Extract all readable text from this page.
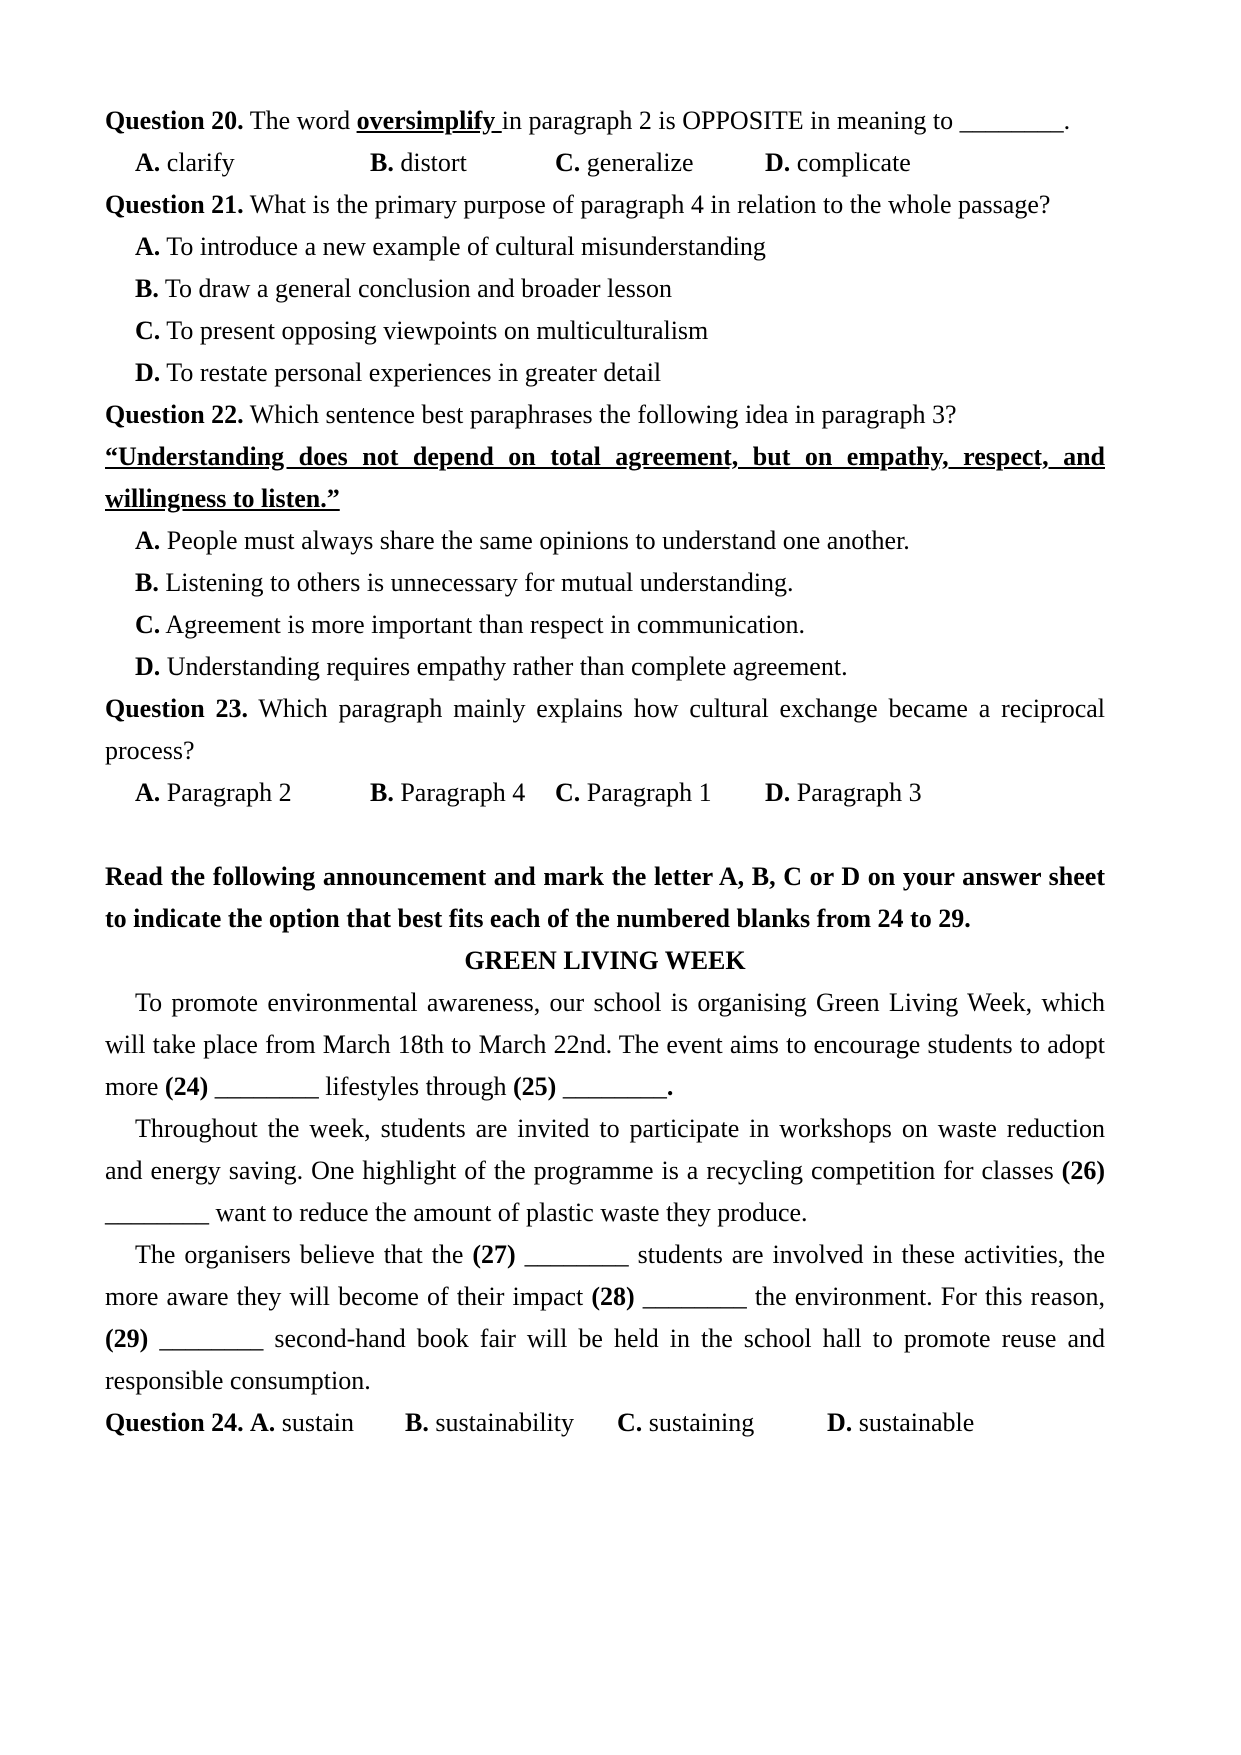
Question 20. The word oversimplify in paragraph 2 is OPPOSITE in meaning to ________.

A. clarify	B. distort	C. generalize	D. complicate

Question 21. What is the primary purpose of paragraph 4 in relation to the whole passage?

A. To introduce a new example of cultural misunderstanding

B. To draw a general conclusion and broader lesson

C. To present opposing viewpoints on multiculturalism

D. To restate personal experiences in greater detail

Question 22. Which sentence best paraphrases the following idea in paragraph 3?

“Understanding does not depend on total agreement, but on empathy, respect, and willingness to listen.”

A. People must always share the same opinions to understand one another.

B. Listening to others is unnecessary for mutual understanding.

C. Agreement is more important than respect in communication.

D. Understanding requires empathy rather than complete agreement.

Question 23. Which paragraph mainly explains how cultural exchange became a reciprocal process?

A. Paragraph 2	B. Paragraph 4	C. Paragraph 1	D. Paragraph 3

Read the following announcement and mark the letter A, B, C or D on your answer sheet to indicate the option that best fits each of the numbered blanks from 24 to 29.

GREEN LIVING WEEK

To promote environmental awareness, our school is organising Green Living Week, which will take place from March 18th to March 22nd. The event aims to encourage students to adopt more (24) ________ lifestyles through (25) ________.

Throughout the week, students are invited to participate in workshops on waste reduction and energy saving. One highlight of the programme is a recycling competition for classes (26) ________ want to reduce the amount of plastic waste they produce.

The organisers believe that the (27) ________ students are involved in these activities, the more aware they will become of their impact (28) ________ the environment. For this reason, (29) ________ second-hand book fair will be held in the school hall to promote reuse and responsible consumption.

Question 24. A. sustain	B. sustainability	C. sustaining	D. sustainable
